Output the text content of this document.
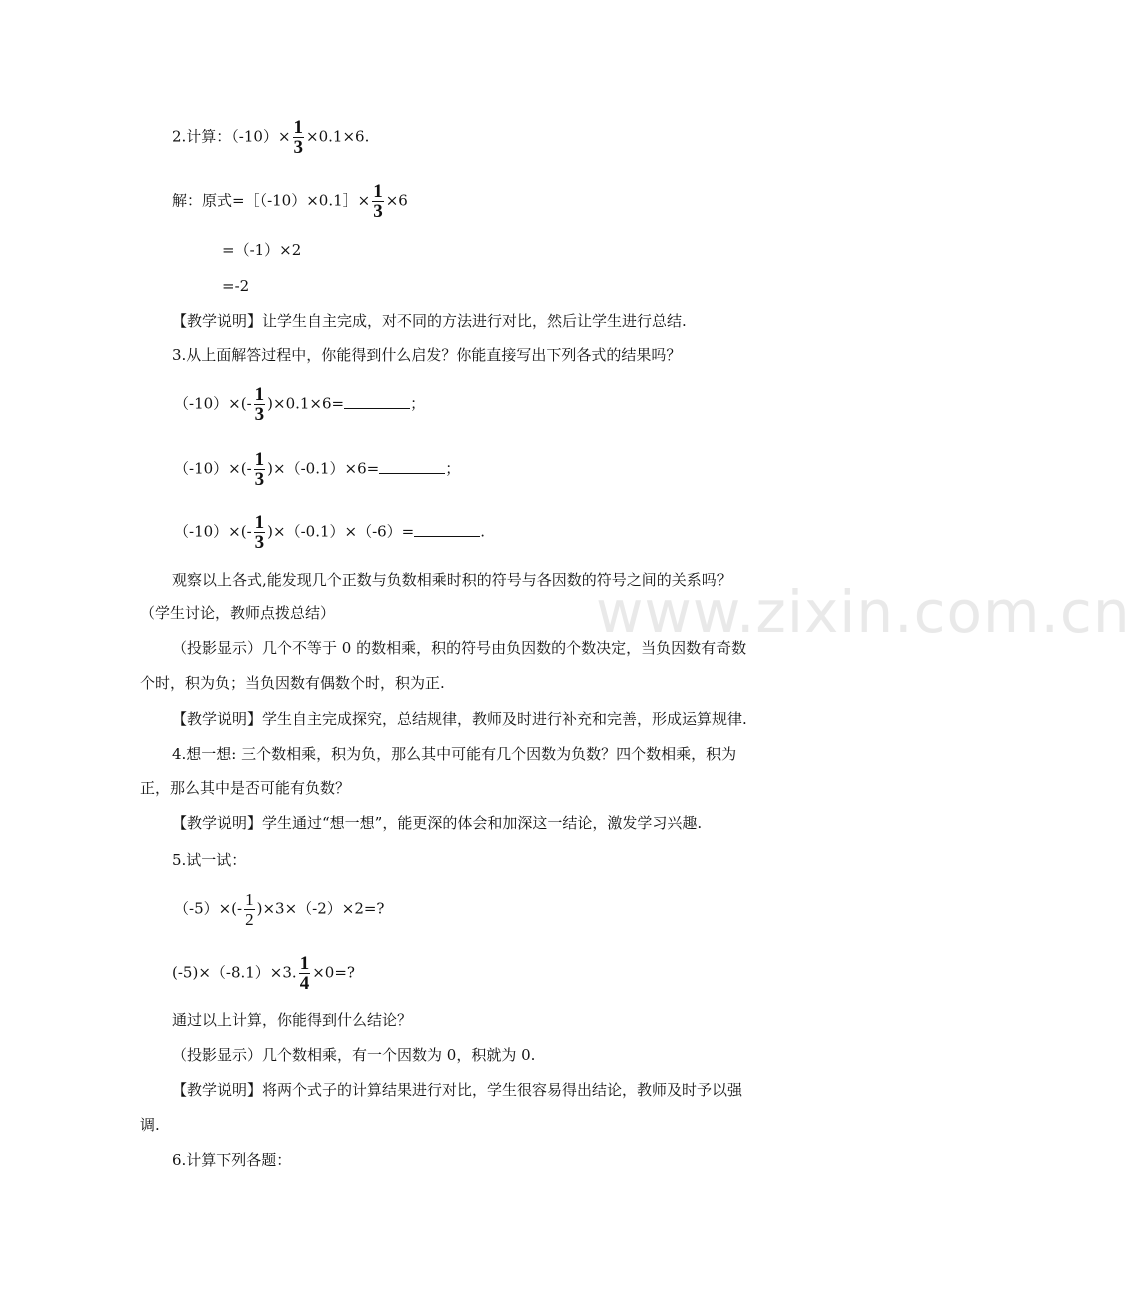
www.zixin.com.cn
2.计算：$(-10)\times \frac{1}{3} \times 0.1\times 6$.
解：原式=［（-10）×0.1］× $\frac{1}{3} \times 6$
=（-1）×2
=-2
【教学说明】让学生自主完成，对不同的方法进行对比，然后让学生进行总结.
3.从上面解答过程中，你能得到什么启发？你能直接写出下列各式的结果吗？
$(-10)\times(- \frac{1}{3} )\times 0.1\times 6=$	；
$(-10)\times(- \frac{1}{3} )\times(-0.1)\times 6=$	；
$(-10)\times(- \frac{1}{3} )\times(-0.1)\times(-6)=$	.
观察以上各式,能发现几个正数与负数相乘时积的符号与各因数的符号之间的关系吗？
（学生讨论，教师点拨总结）
（投影显示）几个不等于 0 的数相乘，积的符号由负因数的个数决定，当负因数有奇数
个时，积为负；当负因数有偶数个时，积为正.
【教学说明】学生自主完成探究，总结规律，教师及时进行补充和完善，形成运算规律.
4.想一想: 三个数相乘，积为负，那么其中可能有几个因数为负数？四个数相乘，积为
正，那么其中是否可能有负数？
【教学说明】学生通过“想一想”，能更深的体会和加深这一结论，激发学习兴趣.
5.试一试：
$(-5)\times(- \frac{1}{2} )\times 3\times(-2)\times 2=$?
(-5)×（-8.1）×3. $\frac{1}{4} \times 0=$?
通过以上计算，你能得到什么结论？
（投影显示）几个数相乘，有一个因数为 0，积就为 0.
【教学说明】将两个式子的计算结果进行对比，学生很容易得出结论，教师及时予以强
调.
6.计算下列各题：
